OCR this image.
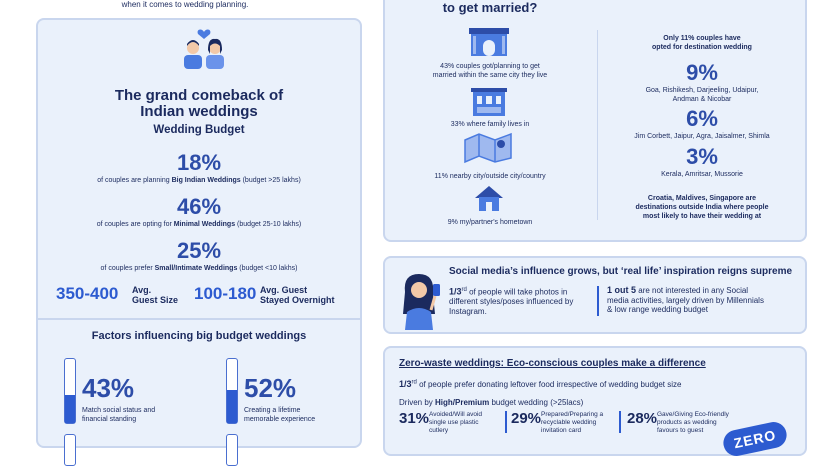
when it comes to wedding planning.
The grand comeback of
Indian weddings
Wedding Budget
18%
of couples are planning Big Indian Weddings (budget >25 lakhs)
46%
of couples are opting for Minimal Weddings (budget 25-10 lakhs)
25%
of couples prefer Small/Intimate Weddings (budget <10 lakhs)
350-400 Avg.
Guest Size 100-180 Avg. Guest
Stayed Overnight
Factors influencing big budget weddings
43%
Match social status and
financial standing
52%
Creating a lifetime
memorable experience
to get married?
43% couples got/planning to get
married within the same city they live
33% where family lives in
11% nearby city/outside city/country
9% my/partner's hometown
Only 11% couples have
opted for destination wedding
9%
Goa, Rishikesh, Darjeeling, Udaipur,
Andman & Nicobar
6%
Jim Corbett, Jaipur, Agra, Jaisalmer, Shimla
3%
Kerala, Amritsar, Mussorie
Croatia, Maldives, Singapore are
destinations outside India where people
most likely to have their wedding at
Social media’s influence grows, but ‘real life’ inspiration reigns supreme
1/3rd of people will take photos in
different styles/poses influenced by
Instagram.
1 out 5 are not interested in any Social
media activities, largely driven by Millennials
& low range wedding budget
Zero-waste weddings: Eco-conscious couples make a difference
1/3rd of people prefer donating leftover food irrespective of wedding budget size
Driven by High/Premium budget wedding (>25lacs)
31% Avoided/Will avoid
single use plastic
cutlery
29% Prepared/Preparing a
recyclable wedding
invitation card
28% Gave/Giving Eco-friendly
products as wedding
favours to guest	ZERO
